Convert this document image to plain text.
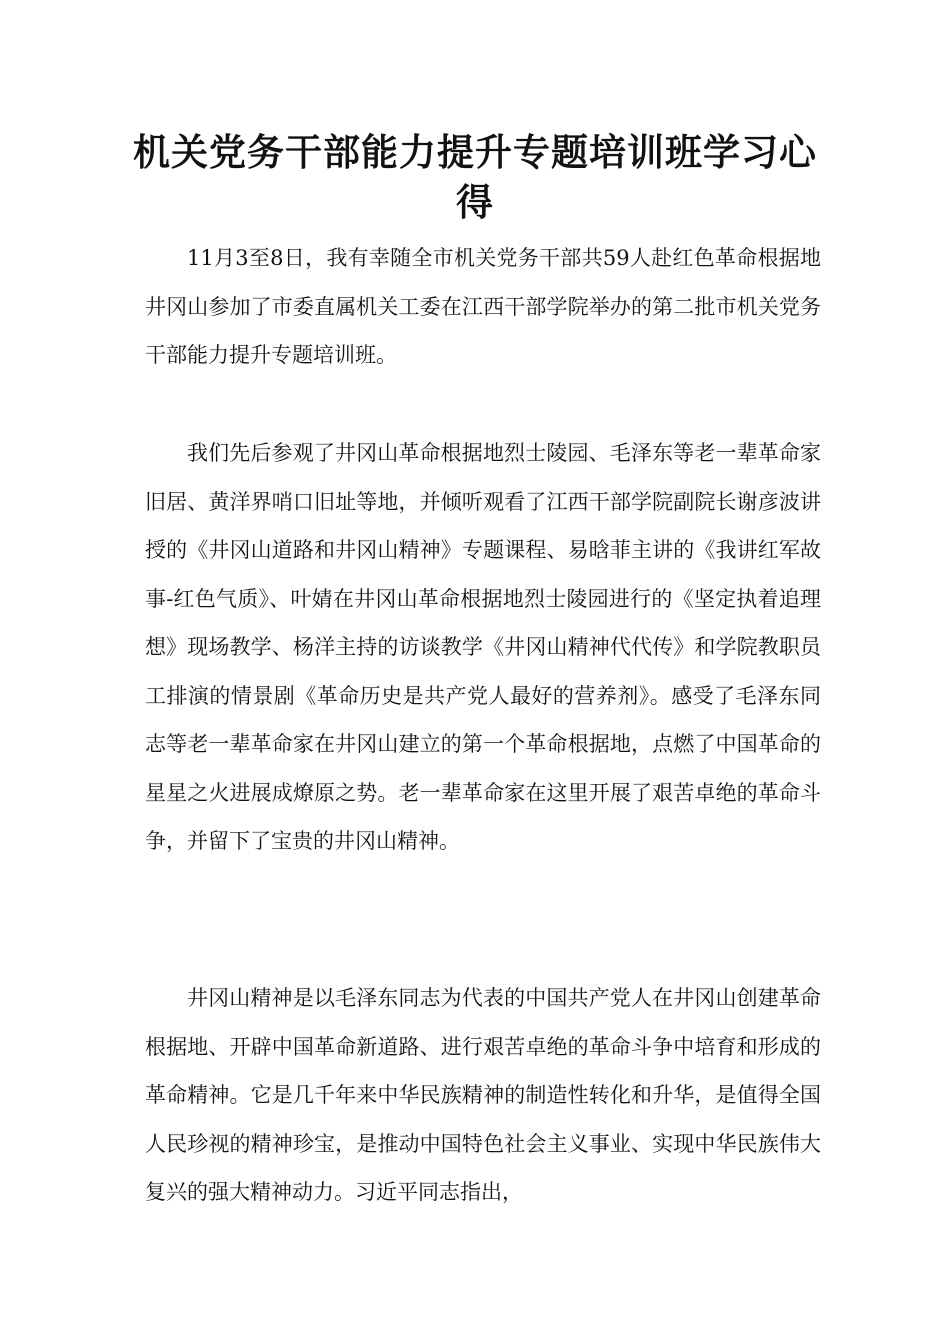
机关党务干部能力提升专题培训班学习心得

11月3至8日，我有幸随全市机关党务干部共59人赴红色革命根据地井冈山参加了市委直属机关工委在江西干部学院举办的第二批市机关党务干部能力提升专题培训班。

我们先后参观了井冈山革命根据地烈士陵园、毛泽东等老一辈革命家旧居、黄洋界哨口旧址等地，并倾听观看了江西干部学院副院长谢彦波讲授的《井冈山道路和井冈山精神》专题课程、易晗菲主讲的《我讲红军故事-红色气质》、叶婧在井冈山革命根据地烈士陵园进行的《坚定执着追理想》现场教学、杨洋主持的访谈教学《井冈山精神代代传》和学院教职员工排演的情景剧《革命历史是共产党人最好的营养剂》。感受了毛泽东同志等老一辈革命家在井冈山建立的第一个革命根据地，点燃了中国革命的星星之火进展成燎原之势。老一辈革命家在这里开展了艰苦卓绝的革命斗争，并留下了宝贵的井冈山精神。

井冈山精神是以毛泽东同志为代表的中国共产党人在井冈山创建革命根据地、开辟中国革命新道路、进行艰苦卓绝的革命斗争中培育和形成的革命精神。它是几千年来中华民族精神的制造性转化和升华，是值得全国人民珍视的精神珍宝，是推动中国特色社会主义事业、实现中华民族伟大复兴的强大精神动力。习近平同志指出，
